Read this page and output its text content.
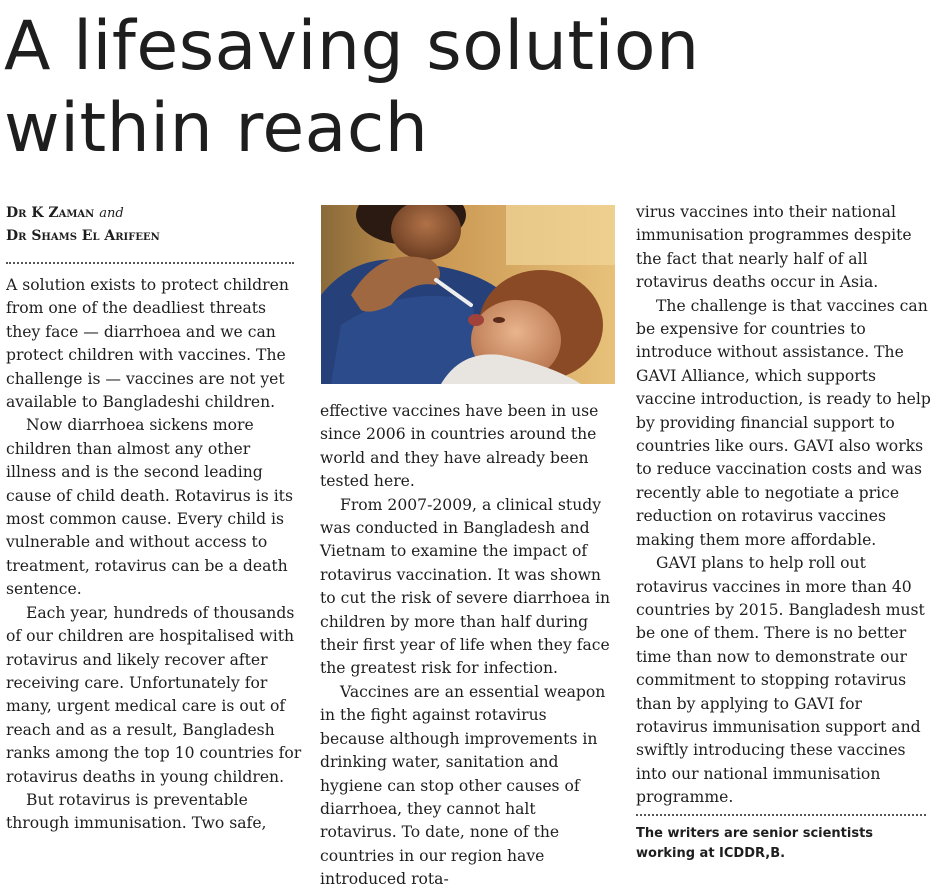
A lifesaving solution
within reach
Dr K Zaman and
Dr Shams El Arifeen

A solution exists to protect children from one of the deadliest threats they face — diarrhoea and we can protect children with vaccines. The challenge is — vaccines are not yet available to Bangladeshi children.

Now diarrhoea sickens more children than almost any other illness and is the second leading cause of child death. Rotavirus is its most common cause. Every child is vulnerable and without access to treatment, rotavirus can be a death sentence.

Each year, hundreds of thousands of our children are hospitalised with rotavirus and likely recover after receiving care. Unfortunately for many, urgent medical care is out of reach and as a result, Bangladesh ranks among the top 10 countries for rotavirus deaths in young children.

But rotavirus is preventable through immunisation. Two safe,

effective vaccines have been in use since 2006 in countries around the world and they have already been tested here.

From 2007-2009, a clinical study was conducted in Bangladesh and Vietnam to examine the impact of rotavirus vaccination. It was shown to cut the risk of severe diarrhoea in children by more than half during their first year of life when they face the greatest risk for infection.

Vaccines are an essential weapon in the fight against rotavirus because although improvements in drinking water, sanitation and hygiene can stop other causes of diarrhoea, they cannot halt rotavirus. To date, none of the countries in our region have introduced rota-

virus vaccines into their national immunisation programmes despite the fact that nearly half of all rotavirus deaths occur in Asia.

The challenge is that vaccines can be expensive for countries to introduce without assistance. The GAVI Alliance, which supports vaccine introduction, is ready to help by providing financial support to countries like ours. GAVI also works to reduce vaccination costs and was recently able to negotiate a price reduction on rotavirus vaccines making them more affordable.

GAVI plans to help roll out rotavirus vaccines in more than 40 countries by 2015. Bangladesh must be one of them. There is no better time than now to demonstrate our commitment to stopping rotavirus than by applying to GAVI for rotavirus immunisation support and swiftly introducing these vaccines into our national immunisation programme.

The writers are senior scientists working at ICDDR,B.
